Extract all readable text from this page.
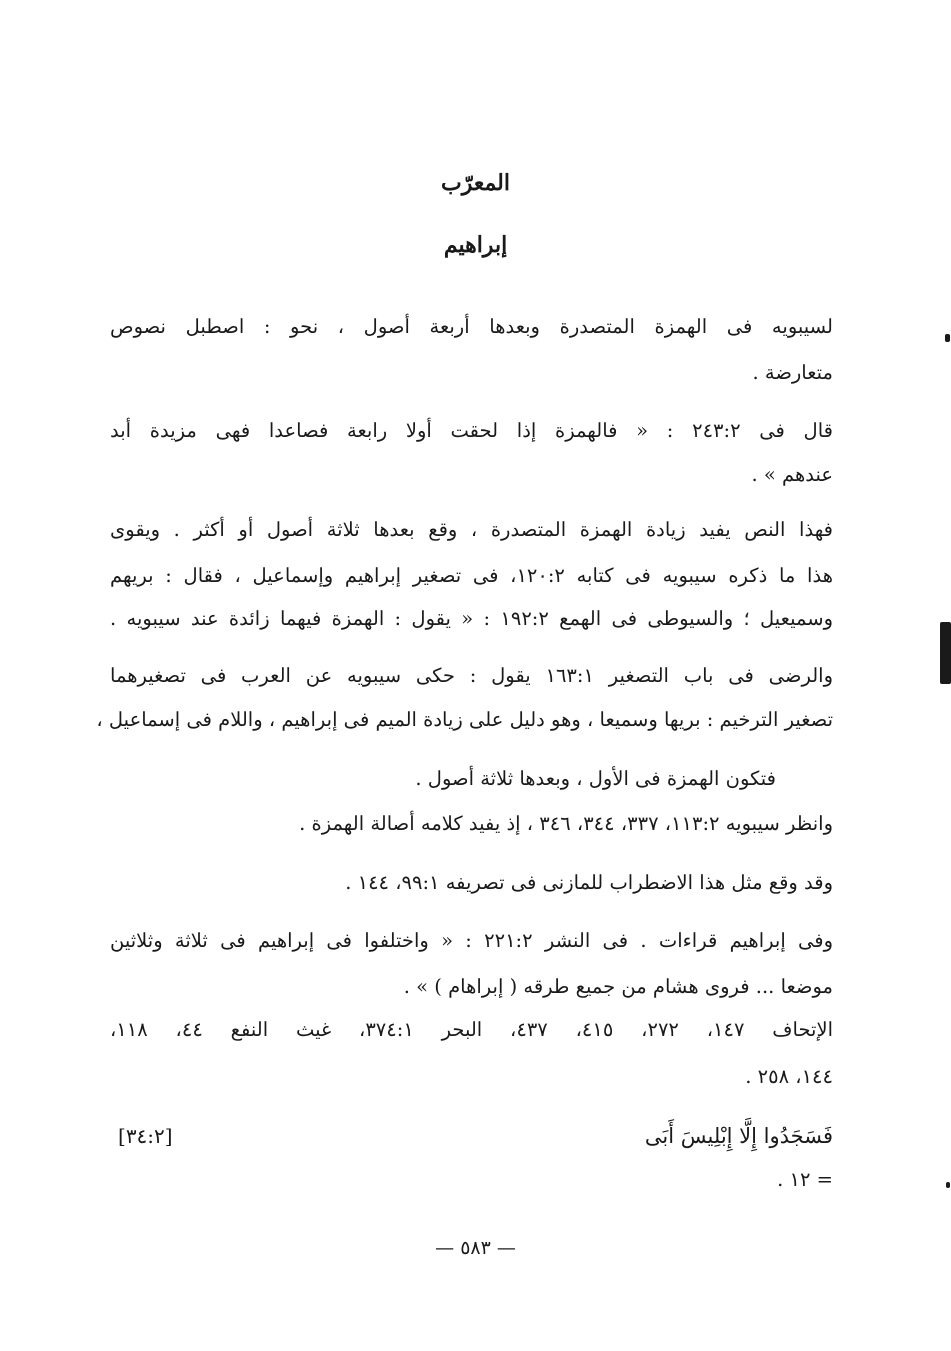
المعرّب
إبراهيم
لسيبويه فى الهمزة المتصدرة وبعدها أربعة أصول ، نحو : اصطبل نصوص
متعارضة .
قال فى ٢٤٣:٢ : « فالهمزة إذا لحقت أولا رابعة فصاعدا فهى مزيدة أبد
عندهم » .
فهذا النص يفيد زيادة الهمزة المتصدرة ، وقع بعدها ثلاثة أصول أو أكثر . ويقوى
هذا ما ذكره سيبويه فى كتابه ١٢٠:٢، فى تصغير إبراهيم وإسماعيل ، فقال : بريهم
وسميعيل ؛ والسيوطى فى الهمع ١٩٢:٢ : « يقول : الهمزة فيهما زائدة عند سيبويه .
والرضى فى باب التصغير ١٦٣:١ يقول : حكى سيبويه عن العرب فى تصغيرهما
تصغير الترخيم : بريها وسميعا ، وهو دليل على زيادة الميم فى إبراهيم ، واللام فى إسماعيل ،
فتكون الهمزة فى الأول ، وبعدها ثلاثة أصول .
وانظر سيبويه ١١٣:٢، ٣٣٧، ٣٤٤، ٣٤٦ ، إذ يفيد كلامه أصالة الهمزة .
وقد وقع مثل هذا الاضطراب للمازنى فى تصريفه ٩٩:١، ١٤٤ .
وفى إبراهيم قراءات . فى النشر ٢٢١:٢ : « واختلفوا فى إبراهيم فى ثلاثة وثلاثين
موضعا ... فروى هشام من جميع طرقه ( إبراهام ) » .
الإتحاف ١٤٧، ٢٧٢، ٤١٥، ٤٣٧، البحر ٣٧٤:١، غيث النفع ٤٤، ١١٨،
١٤٤، ٢٥٨ .
فَسَجَدُوا إِلَّا إِبْلِيسَ أَبَى
[٣٤:٢]
= ١٢ .
— ٥٨٣ —
